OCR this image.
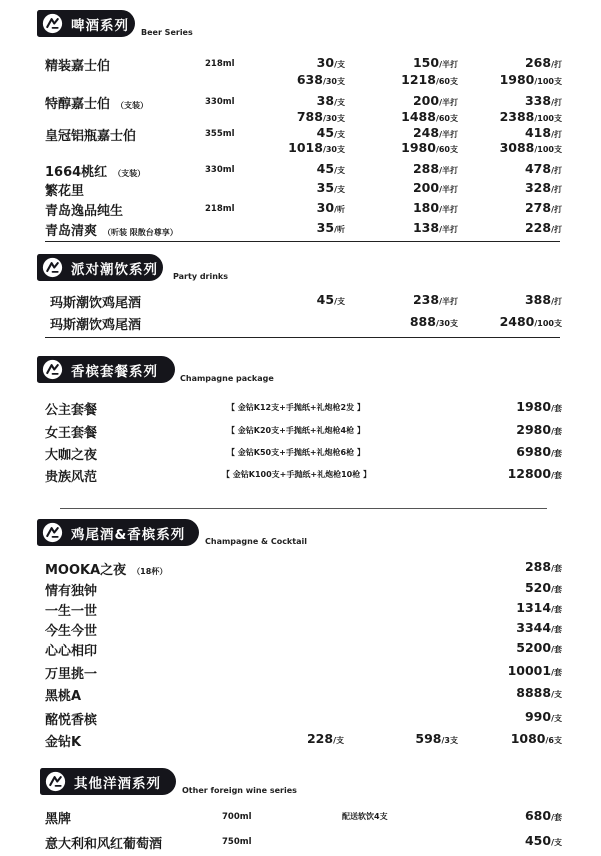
啤酒系列 Beer Series
精装嘉士伯	218ml	30/支	150/半打	268/打
638/30支	1218/60支	1980/100支
特醇嘉士伯 （支装）	330ml	38/支	200/半打	338/打
788/30支	1488/60支	2388/100支
皇冠铝瓶嘉士伯	355ml	45/支	248/半打	418/打
1018/30支	1980/60支	3088/100支
1664桃红 （支装）	330ml	45/支	288/半打	478/打
繁花里	35/支	200/半打	328/打
青岛逸品纯生	218ml	30/听	180/半打	278/打
青岛清爽 （听装 限散台尊享）	35/听	138/半打	228/打
派对潮饮系列 Party drinks
玛斯潮饮鸡尾酒	45/支	238/半打	388/打
玛斯潮饮鸡尾酒	888/30支	2480/100支
香槟套餐系列	Champagne package
公主套餐	【 金钻K12支+手抛纸+礼炮枪2发 】	1980/套
女王套餐	【 金钻K20支+手抛纸+礼炮枪4枪 】	2980/套
大咖之夜	【 金钻K50支+手抛纸+礼炮枪6枪 】	6980/套
贵族风范	【 金钻K100支+手抛纸+礼炮枪10枪 】	12800/套
鸡尾酒&香槟系列 Champagne & Cocktail
MOOKA之夜 （18杯）	288/套
情有独钟	520/套
一生一世	1314/套
今生今世	3344/套
心心相印	5200/套
万里挑一	10001/套
黑桃A	8888/支
酩悦香槟	990/支
金钻K	228/支	598/3支	1080/6支
其他洋酒系列	Other foreign wine series
黑牌	700ml	配送软饮4支	680/套
意大利和风红葡萄酒	750ml	450/支
